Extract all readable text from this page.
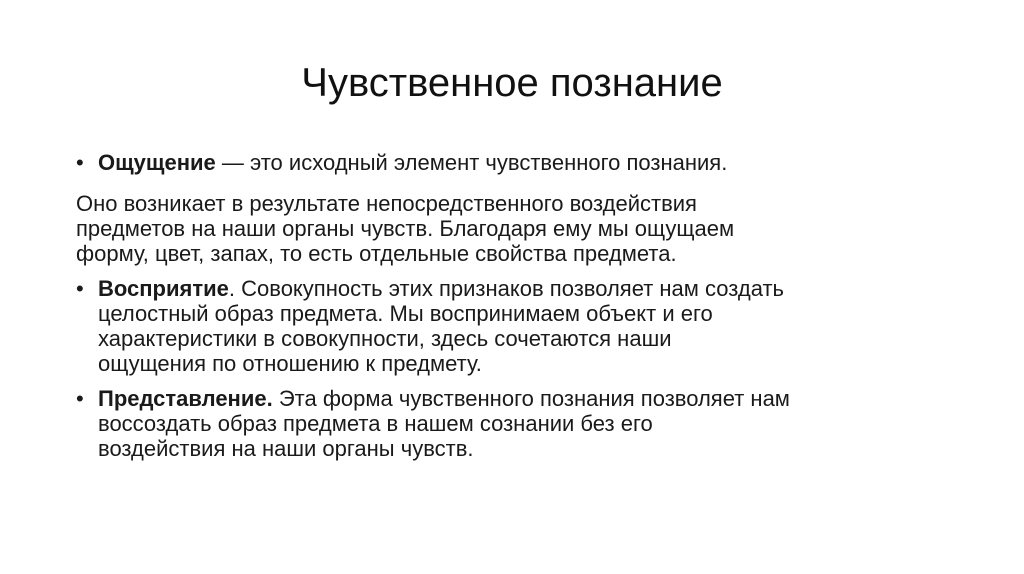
Чувственное познание

• Ощущение — это исходный элемент чувственного познания.

Оно возникает в результате непосредственного воздействия
предметов на наши органы чувств. Благодаря ему мы ощущаем
форму, цвет, запах, то есть отдельные свойства предмета.

• Восприятие. Совокупность этих признаков позволяет нам создать
целостный образ предмета. Мы воспринимаем объект и его
характеристики в совокупности, здесь сочетаются наши
ощущения по отношению к предмету.

• Представление. Эта форма чувственного познания позволяет нам
воссоздать образ предмета в нашем сознании без его
воздействия на наши органы чувств.
